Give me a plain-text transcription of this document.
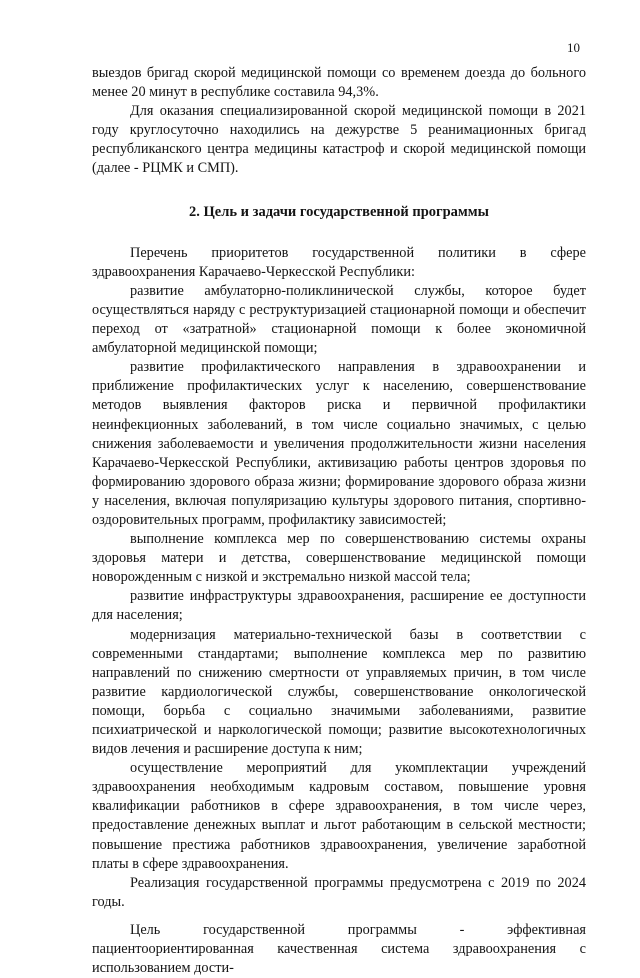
10

выездов бригад скорой медицинской помощи со временем доезда до больного менее 20 минут в республике составила 94,3%.

Для оказания специализированной скорой медицинской помощи в 2021 году круглосуточно находились на дежурстве 5 реанимационных бригад республиканского центра медицины катастроф и скорой медицинской помощи (далее - РЦМК и СМП).

2. Цель и задачи государственной программы

Перечень приоритетов государственной политики в сфере здравоохранения Карачаево-Черкесской Республики:

развитие амбулаторно-поликлинической службы, которое будет осуществляться наряду с реструктуризацией стационарной помощи и обеспечит переход от «затратной» стационарной помощи к более экономичной амбулаторной медицинской помощи;

развитие профилактического направления в здравоохранении и приближение профилактических услуг к населению, совершенствование методов выявления факторов риска и первичной профилактики неинфекционных заболеваний, в том числе социально значимых, с целью снижения заболеваемости и увеличения продолжительности жизни населения Карачаево-Черкесской Республики, активизацию работы центров здоровья по формированию здорового образа жизни; формирование здорового образа жизни у населения, включая популяризацию культуры здорового питания, спортивно-оздоровительных программ, профилактику зависимостей;

выполнение комплекса мер по совершенствованию системы охраны здоровья матери и детства, совершенствование медицинской помощи новорожденным с низкой и экстремально низкой массой тела;

развитие инфраструктуры здравоохранения, расширение ее доступности для населения;

модернизация материально-технической базы в соответствии с современными стандартами; выполнение комплекса мер по развитию направлений по снижению смертности от управляемых причин, в том числе развитие кардиологической службы, совершенствование онкологической помощи, борьба с социально значимыми заболеваниями, развитие психиатрической и наркологической помощи; развитие высокотехнологичных видов лечения и расширение доступа к ним;

осуществление мероприятий для укомплектации учреждений здравоохранения необходимым кадровым составом, повышение уровня квалификации работников в сфере здравоохранения, в том числе через, предоставление денежных выплат и льгот работающим в сельской местности; повышение престижа работников здравоохранения, увеличение заработной платы в сфере здравоохранения.

Реализация государственной программы предусмотрена с 2019 по 2024 годы.

Цель государственной программы - эффективная пациентоориентированная качественная система здравоохранения с использованием дости-
